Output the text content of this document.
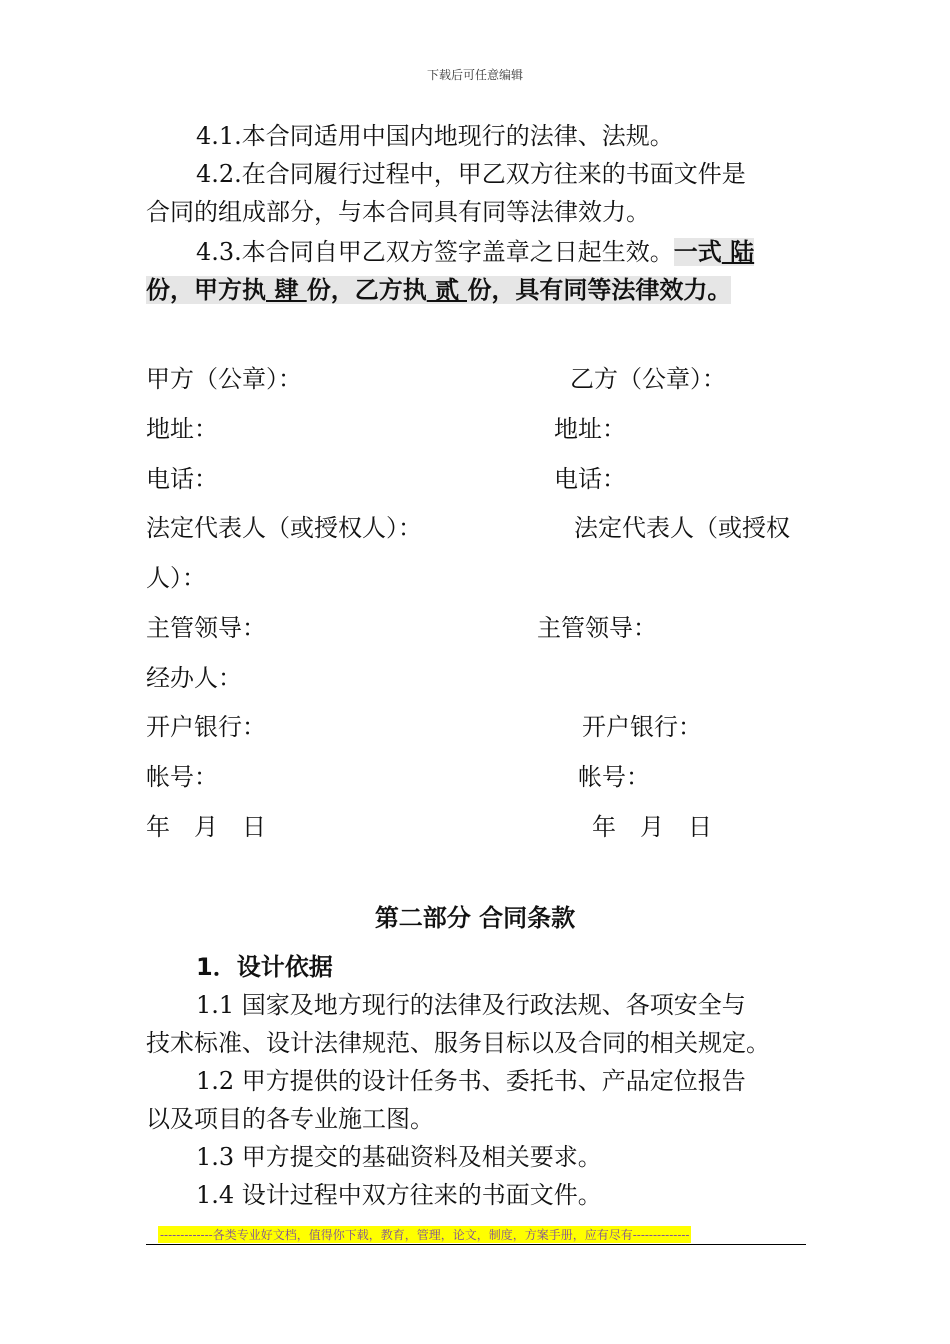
下载后可任意编辑
4.1.本合同适用中国内地现行的法律、法规。
4.2.在合同履行过程中，甲乙双方往来的书面文件是
合同的组成部分，与本合同具有同等法律效力。
4.3.本合同自甲乙双方签字盖章之日起生效。一式 陆
份，甲方执 肆 份，乙方执 贰 份，具有同等法律效力。
甲方（公章）：	乙方（公章）：
地址：	地址：
电话：	电话：
法定代表人（或授权人）：	法定代表人（或授权
人）：
主管领导：	主管领导：
经办人：
开户银行：	开户银行：
帐号：	帐号：
年　月　日	年　月　日
第二部分 合同条款
1．设计依据
1.1 国家及地方现行的法律及行政法规、各项安全与
技术标准、设计法律规范、服务目标以及合同的相关规定。
1.2 甲方提供的设计任务书、委托书、产品定位报告
以及项目的各专业施工图。
1.3 甲方提交的基础资料及相关要求。
1.4 设计过程中双方往来的书面文件。
-------------各类专业好文档，值得你下载，教育，管理，论文，制度，方案手册，应有尽有--------------
